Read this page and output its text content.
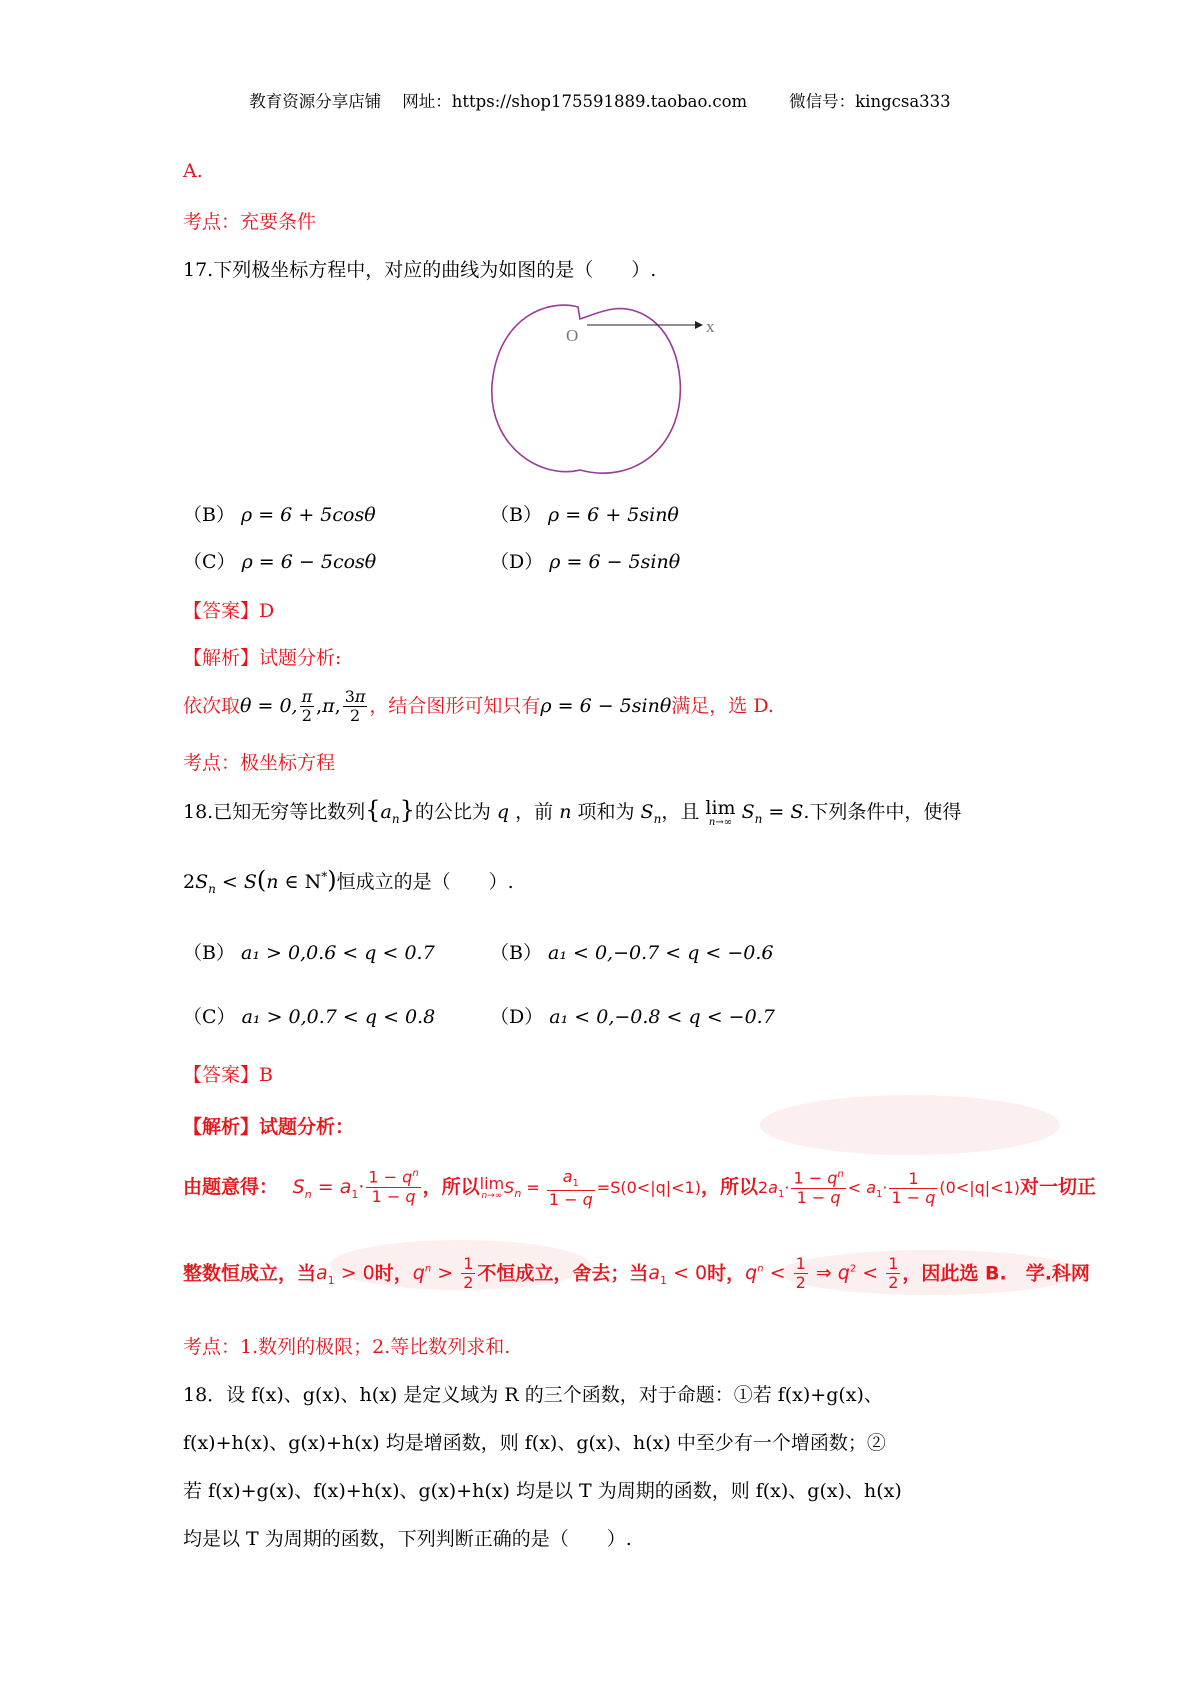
教育资源分享店铺 网址：https://shop175591889.taobao.com	微信号：kingcsa333
A.
考点：充要条件
17.下列极坐标方程中，对应的曲线为如图的是（　　）.
O	x
（B） ρ = 6 + 5cosθ	（B） ρ = 6 + 5sinθ
（C） ρ = 6 − 5cosθ	（D） ρ = 6 − 5sinθ
【答案】D
【解析】试题分析:
依次取θ = 0, $\frac{\pi}{2} ,\pi$, $\frac{3\pi}{2}$ ，结合图形可知只有ρ = 6 − 5sinθ满足，选 D.
考点：极坐标方程
18.已知无穷等比数列$\{a_n\}$的公比为 q ，前 n 项和为 $S_n$，且 lim
n→∞ $S_n = S$.下列条件中，使得
$2S_n < S(n$ ∈ N*)恒成立的是（　　）.
（B） a₁ > 0,0.6 < q < 0.7	（B） a₁ < 0,−0.7 < q < −0.6
（C） a₁ > 0,0.7 < q < 0.8	（D） a₁ < 0,−0.8 < q < −0.7
【答案】B
【解析】试题分析：
由题意得： $S_n = a_1\cdot \frac{1 - q^n}{1 - q}$ ，所以 lim
n→∞ $S_n = \frac{a_1}{1 - q} =S(0<|q|<1)$，所以$2a_1\cdot \frac{1 - q^n}{1 - q} < a_1\cdot \frac{1}{1 - q} (0<|q|<1)$对一切正
整数恒成立，当$a_1 > 0$时，$q^n > \frac{1}{2}$ 不恒成立，舍去；当$a_1 < 0$时，$q^n < \frac{1}{2}$ ⇒ $q^2 < \frac{1}{2}$ ，因此选 B.　学.科网
考点：1.数列的极限；2.等比数列求和.
18．设 f(x)、g(x)、h(x) 是定义域为 R 的三个函数，对于命题：①若 f(x)+g(x)、
f(x)+h(x)、g(x)+h(x) 均是增函数，则 f(x)、g(x)、h(x) 中至少有一个增函数；②
若 f(x)+g(x)、f(x)+h(x)、g(x)+h(x) 均是以 T 为周期的函数，则 f(x)、g(x)、h(x)
均是以 T 为周期的函数，下列判断正确的是（　　）.
